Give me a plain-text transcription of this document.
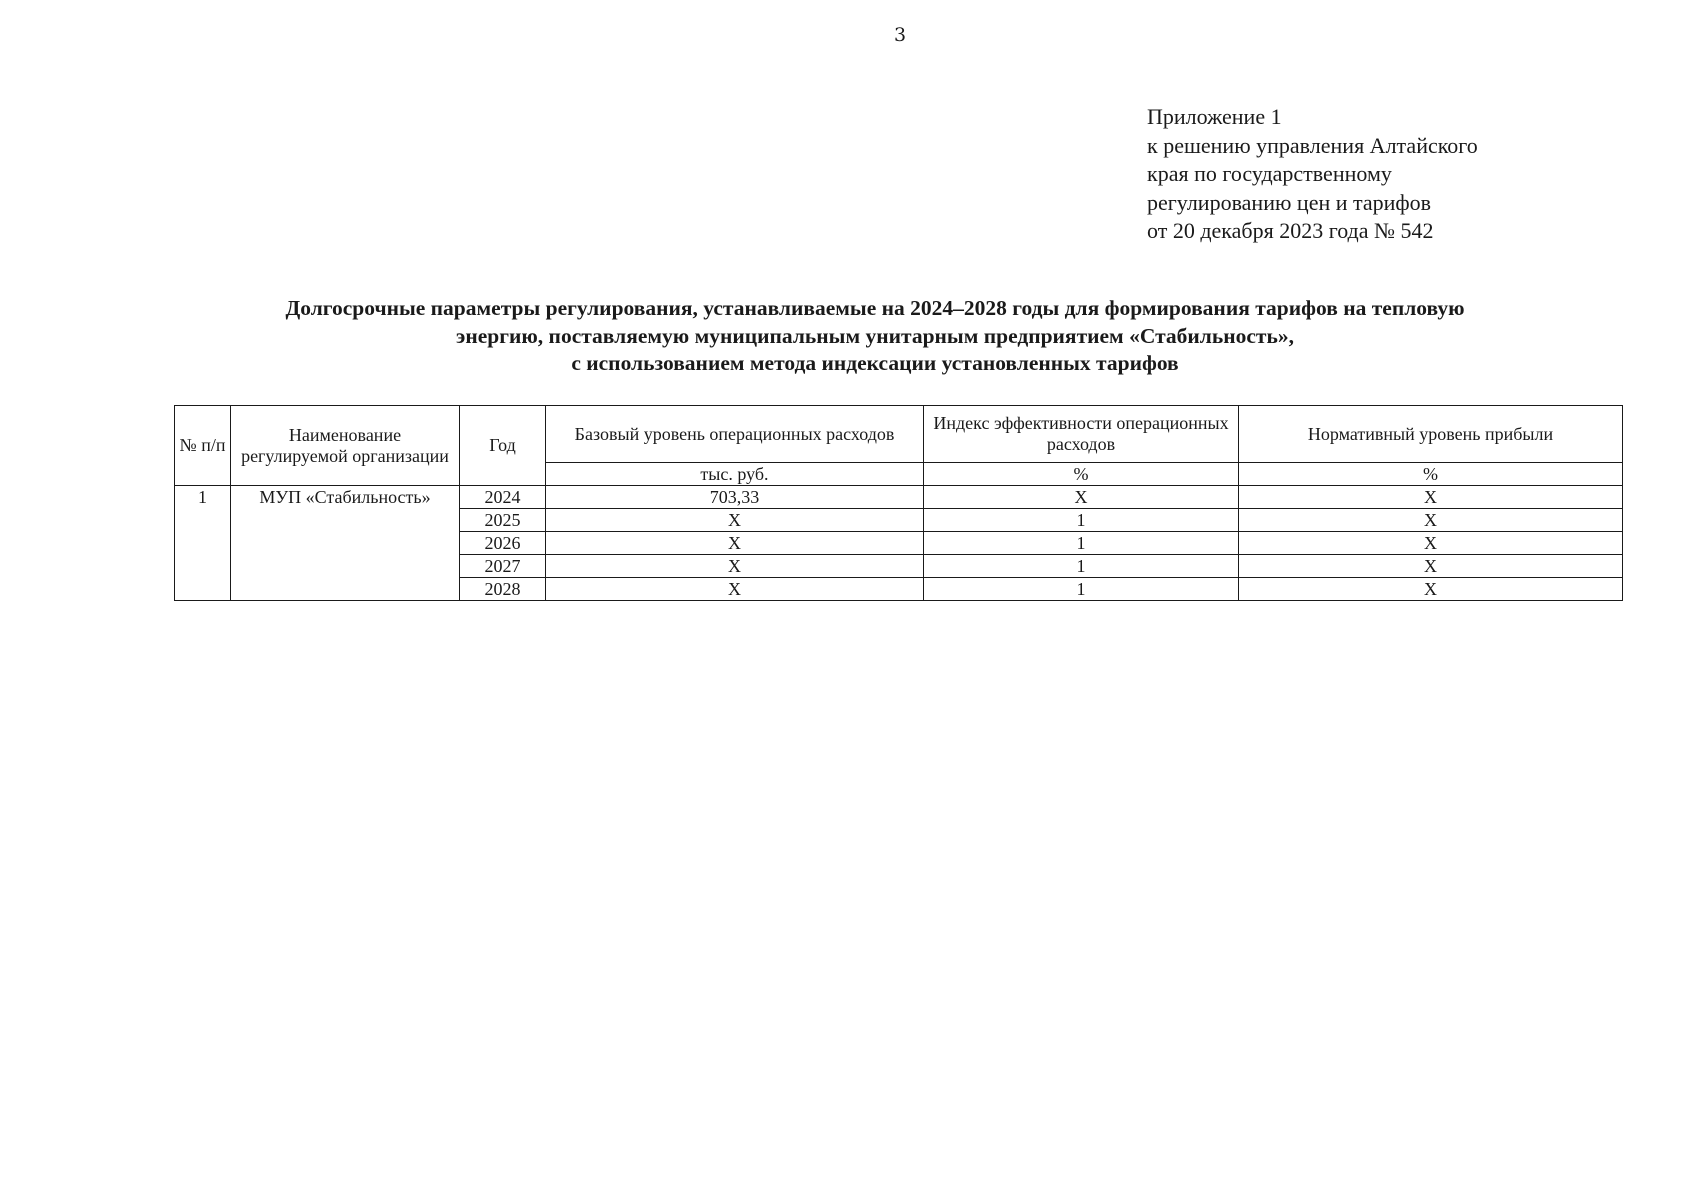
3
Приложение 1
к решению управления Алтайского
края по государственному
регулированию цен и тарифов
от 20 декабря 2023 года № 542
Долгосрочные параметры регулирования, устанавливаемые на 2024–2028 годы для формирования тарифов на тепловую
энергию, поставляемую муниципальным унитарным предприятием «Стабильность»,
с использованием метода индексации установленных тарифов
№ п/п	Наименование регулируемой организации	Год	Базовый уровень операционных расходов	Индекс эффективности операционных расходов	Нормативный уровень прибыли
			тыс. руб.	%	%
1	МУП «Стабильность»	2024	703,33	Х	Х
		2025	Х	1	Х
		2026	Х	1	Х
		2027	Х	1	Х
		2028	Х	1	Х
